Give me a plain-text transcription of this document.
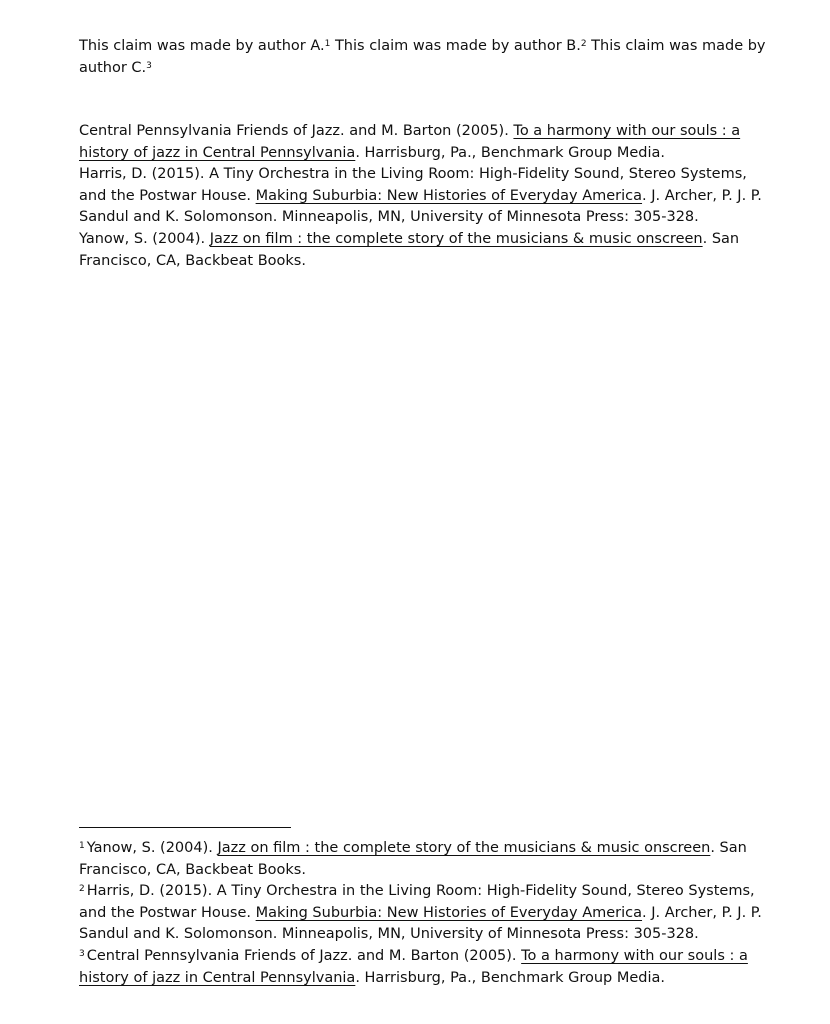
This claim was made by author A.$^1$ This claim was made by author B.$^2$ This claim was made by author C.$^3$

Central Pennsylvania Friends of Jazz. and M. Barton (2005). To a harmony with our souls : a history of jazz in Central Pennsylvania. Harrisburg, Pa., Benchmark Group Media.

Harris, D. (2015). A Tiny Orchestra in the Living Room: High-Fidelity Sound, Stereo Systems, and the Postwar House. Making Suburbia: New Histories of Everyday America. J. Archer, P. J. P. Sandul and K. Solomonson. Minneapolis, MN, University of Minnesota Press: 305-328.

Yanow, S. (2004). Jazz on film : the complete story of the musicians & music onscreen. San Francisco, CA, Backbeat Books.

$^1$ Yanow, S. (2004). Jazz on film : the complete story of the musicians & music onscreen. San Francisco, CA, Backbeat Books.

$^2$ Harris, D. (2015). A Tiny Orchestra in the Living Room: High-Fidelity Sound, Stereo Systems, and the Postwar House. Making Suburbia: New Histories of Everyday America. J. Archer, P. J. P. Sandul and K. Solomonson. Minneapolis, MN, University of Minnesota Press: 305-328.

$^3$ Central Pennsylvania Friends of Jazz. and M. Barton (2005). To a harmony with our souls : a history of jazz in Central Pennsylvania. Harrisburg, Pa., Benchmark Group Media.
